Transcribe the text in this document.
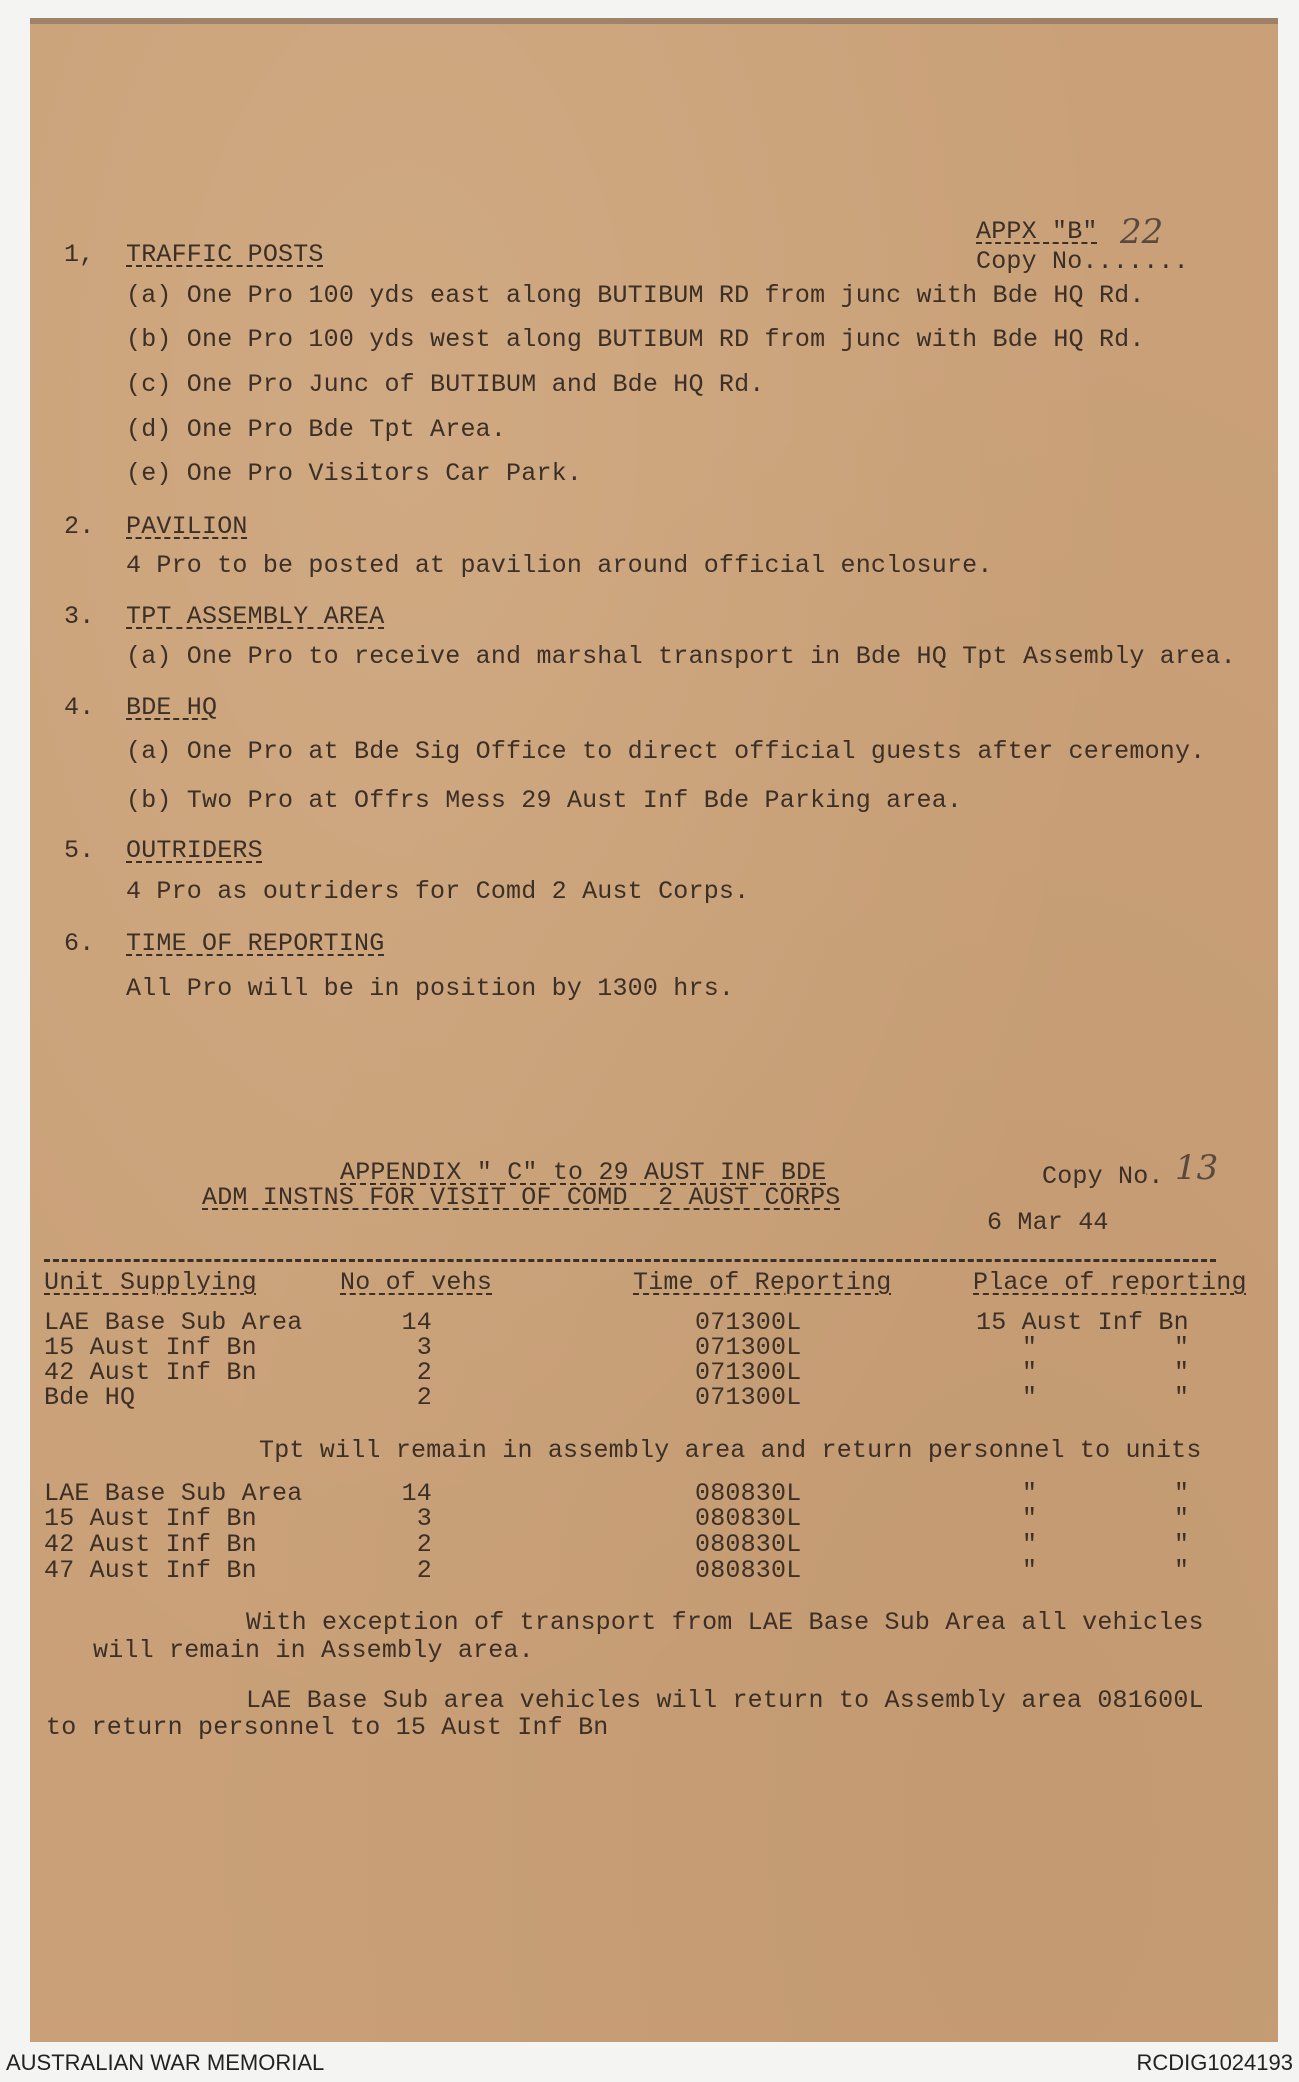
APPX "B" 22
Copy No.......
1, TRAFFIC POSTS
(a) One Pro 100 yds east along BUTIBUM RD from junc with Bde HQ Rd.
(b) One Pro 100 yds west along BUTIBUM RD from junc with Bde HQ Rd.
(c) One Pro Junc of BUTIBUM and Bde HQ Rd.
(d) One Pro Bde Tpt Area.
(e) One Pro Visitors Car Park.
2. PAVILION
4 Pro to be posted at pavilion around official enclosure.
3. TPT ASSEMBLY AREA
(a) One Pro to receive and marshal transport in Bde HQ Tpt Assembly area.
4. BDE HQ
(a) One Pro at Bde Sig Office to direct official guests after ceremony.
(b) Two Pro at Offrs Mess 29 Aust Inf Bde Parking area.
5. OUTRIDERS
4 Pro as outriders for Comd 2 Aust Corps.
6. TIME OF REPORTING
All Pro will be in position by 1300 hrs.
APPENDIX " C" to 29 AUST INF BDE
ADM INSTNS FOR VISIT OF COMD  2 AUST CORPS
Copy No. 13
6 Mar 44
Unit Supplying	No of vehs	Time of Reporting	Place of reporting
LAE Base Sub Area	14	071300L	15 Aust Inf Bn
15 Aust Inf Bn	3	071300L	"         "
42 Aust Inf Bn	2	071300L	"         "
Bde HQ	2	071300L	"         "
Tpt will remain in assembly area and return personnel to units
LAE Base Sub Area	14	080830L	"         "
15 Aust Inf Bn	3	080830L	"         "
42 Aust Inf Bn	2	080830L	"         "
47 Aust Inf Bn	2	080830L	"         "
With exception of transport from LAE Base Sub Area all vehicles
will remain in Assembly area.
LAE Base Sub area vehicles will return to Assembly area 081600L
to return personnel to 15 Aust Inf Bn
AUSTRALIAN WAR MEMORIAL	RCDIG1024193
